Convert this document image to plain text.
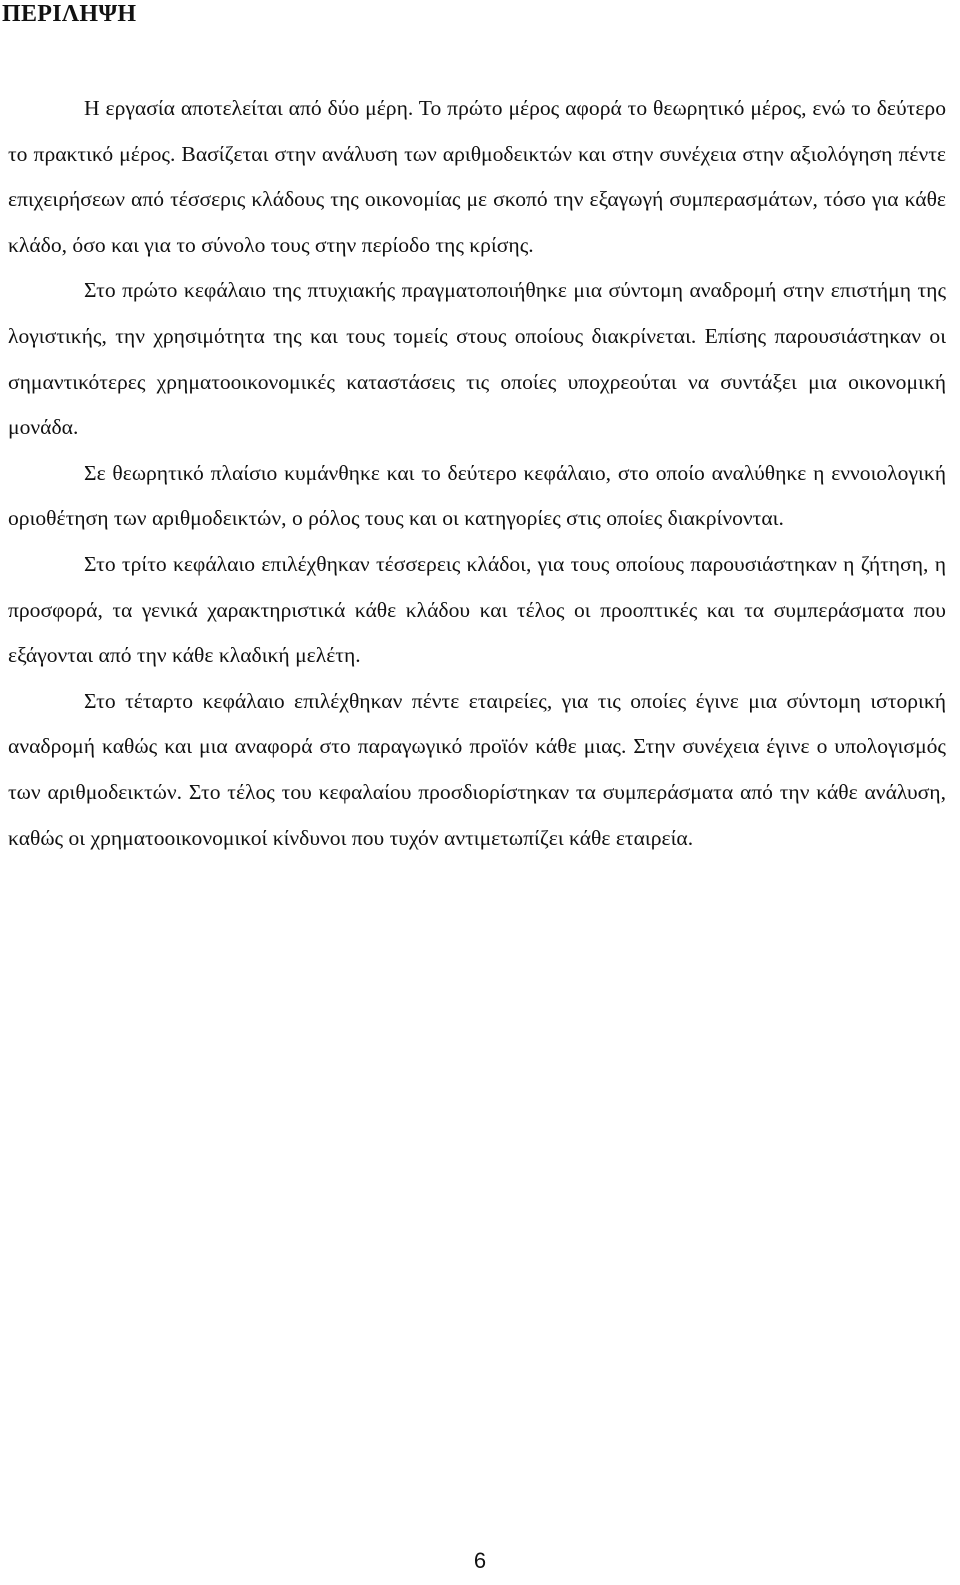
ΠΕΡΙΛΗΨΗ

Η εργασία αποτελείται από δύο μέρη. Το πρώτο μέρος αφορά το θεωρητικό μέρος, ενώ το δεύτερο το πρακτικό μέρος. Βασίζεται στην ανάλυση των αριθμοδεικτών και στην συνέχεια στην αξιολόγηση πέντε επιχειρήσεων από τέσσερις κλάδους της οικονομίας με σκοπό την εξαγωγή συμπερασμάτων, τόσο για κάθε κλάδο, όσο και για το σύνολο τους στην περίοδο της κρίσης.

Στο πρώτο κεφάλαιο της πτυχιακής πραγματοποιήθηκε μια σύντομη αναδρομή στην επιστήμη της λογιστικής, την χρησιμότητα της και τους τομείς στους οποίους διακρίνεται. Επίσης παρουσιάστηκαν οι σημαντικότερες χρηματοοικονομικές καταστάσεις τις οποίες υποχρεούται να συντάξει μια οικονομική μονάδα.

Σε θεωρητικό πλαίσιο κυμάνθηκε και το δεύτερο κεφάλαιο, στο οποίο αναλύθηκε η εννοιολογική οριοθέτηση των αριθμοδεικτών, ο ρόλος τους και οι κατηγορίες στις οποίες διακρίνονται.

Στο τρίτο κεφάλαιο επιλέχθηκαν τέσσερεις κλάδοι, για τους οποίους παρουσιάστηκαν η ζήτηση, η προσφορά, τα γενικά χαρακτηριστικά κάθε κλάδου και τέλος οι προοπτικές και τα συμπεράσματα που εξάγονται από την κάθε κλαδική μελέτη.

Στο τέταρτο κεφάλαιο επιλέχθηκαν πέντε εταιρείες, για τις οποίες έγινε μια σύντομη ιστορική αναδρομή καθώς και μια αναφορά στο παραγωγικό προϊόν κάθε μιας. Στην συνέχεια έγινε ο υπολογισμός των αριθμοδεικτών. Στο τέλος του κεφαλαίου προσδιορίστηκαν τα συμπεράσματα από την κάθε ανάλυση, καθώς οι χρηματοοικονομικοί κίνδυνοι που τυχόν αντιμετωπίζει κάθε εταιρεία.

6
